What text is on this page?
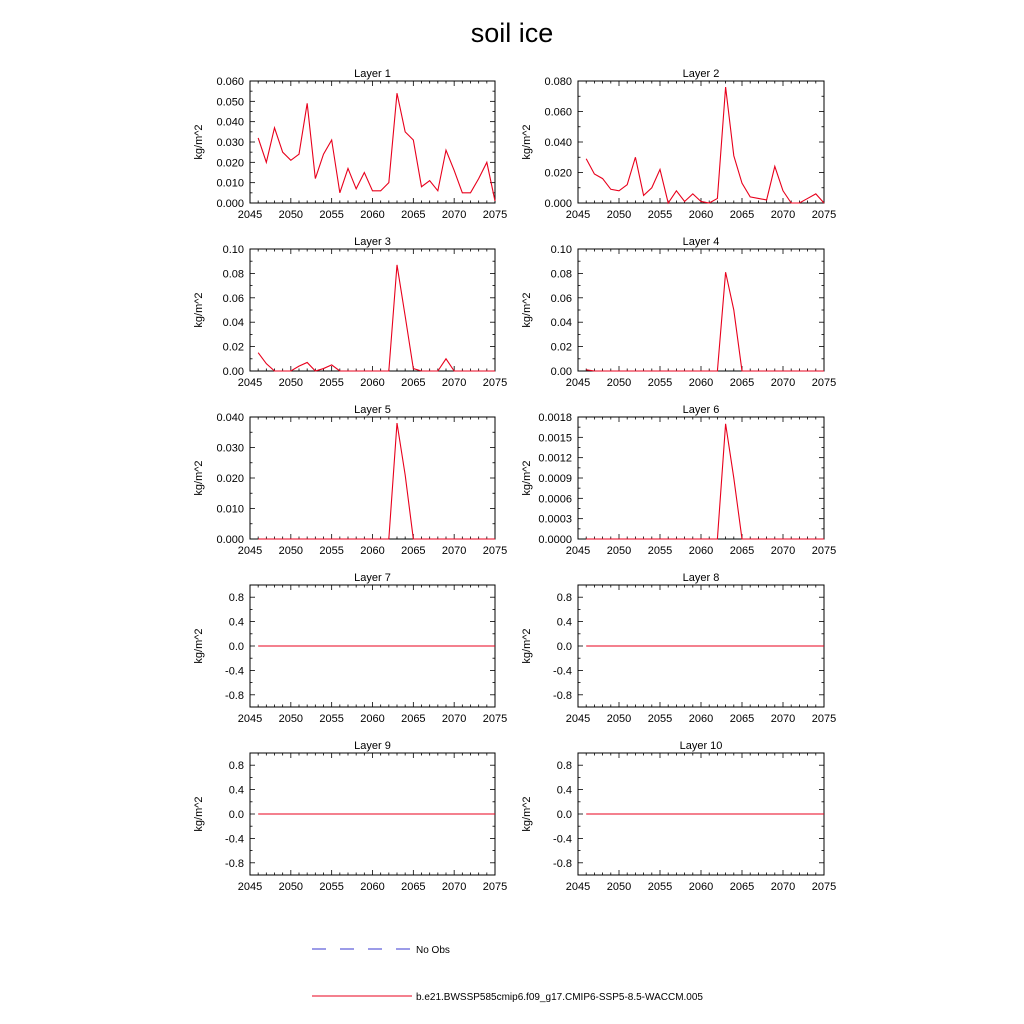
soil ice
Layer 1
kg/m^2
2045 2050 2055 2060 2065 2070 2075
0.000
0.010
0.020
0.030
0.040
0.050
0.060
Layer 2
kg/m^2
2045 2050 2055 2060 2065 2070 2075
0.000
0.020
0.040
0.060
0.080
Layer 3
kg/m^2
2045 2050 2055 2060 2065 2070 2075
0.00
0.02
0.04
0.06
0.08
0.10
Layer 4
kg/m^2
2045 2050 2055 2060 2065 2070 2075
0.00
0.02
0.04
0.06
0.08
0.10
Layer 5
kg/m^2
2045 2050 2055 2060 2065 2070 2075
0.000
0.010
0.020
0.030
0.040
Layer 6
kg/m^2
2045 2050 2055 2060 2065 2070 2075
0.0000
0.0003
0.0006
0.0009
0.0012
0.0015
0.0018
Layer 7
kg/m^2
2045 2050 2055 2060 2065 2070 2075
-0.8
-0.4
0.0
0.4
0.8
Layer 8
kg/m^2
2045 2050 2055 2060 2065 2070 2075
-0.8
-0.4
0.0
0.4
0.8
Layer 9
kg/m^2
2045 2050 2055 2060 2065 2070 2075
-0.8
-0.4
0.0
0.4
0.8
Layer 10
kg/m^2
2045 2050 2055 2060 2065 2070 2075
-0.8
-0.4
0.0
0.4
0.8
No Obs
b.e21.BWSSP585cmip6.f09_g17.CMIP6-SSP5-8.5-WACCM.005
